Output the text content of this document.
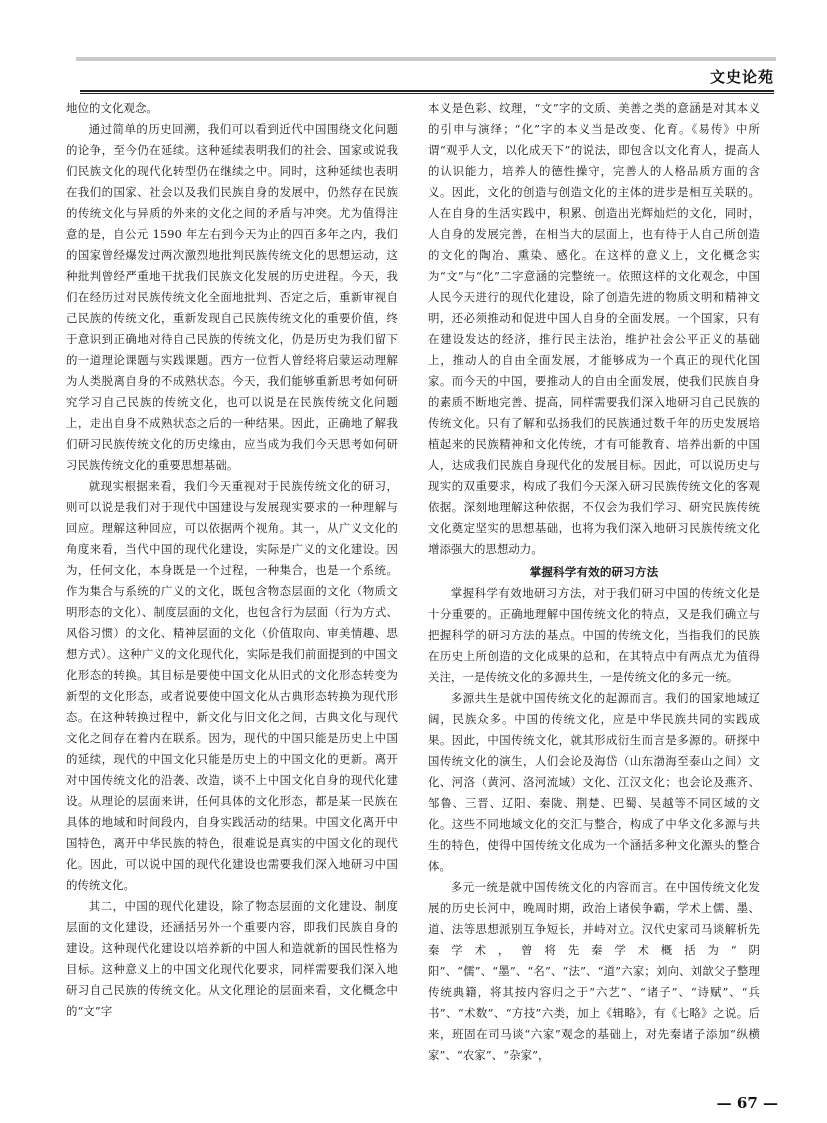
文史论苑

地位的文化观念。

通过简单的历史回溯，我们可以看到近代中国围绕文化问题的论争，至今仍在延续。这种延续表明我们的社会、国家或说我们民族文化的现代化转型仍在继续之中。同时，这种延续也表明在我们的国家、社会以及我们民族自身的发展中，仍然存在民族的传统文化与异质的外来的文化之间的矛盾与冲突。尤为值得注意的是，自公元 1590 年左右到今天为止的四百多年之内，我们的国家曾经爆发过两次激烈地批判民族传统文化的思想运动，这种批判曾经严重地干扰我们民族文化发展的历史进程。今天，我们在经历过对民族传统文化全面地批判、否定之后，重新审视自己民族的传统文化，重新发现自己民族传统文化的重要价值，终于意识到正确地对待自己民族的传统文化，仍是历史为我们留下的一道理论课题与实践课题。西方一位哲人曾经将启蒙运动理解为人类脱离自身的不成熟状态。今天，我们能够重新思考如何研究学习自己民族的传统文化，也可以说是在民族传统文化问题上，走出自身不成熟状态之后的一种结果。因此，正确地了解我们研习民族传统文化的历史缘由，应当成为我们今天思考如何研习民族传统文化的重要思想基础。

就现实根据来看，我们今天重视对于民族传统文化的研习，则可以说是我们对于现代中国建设与发展现实要求的一种理解与回应。理解这种回应，可以依据两个视角。其一，从广义文化的角度来看，当代中国的现代化建设，实际是广义的文化建设。因为，任何文化，本身既是一个过程，一种集合，也是一个系统。作为集合与系统的广义的文化，既包含物态层面的文化（物质文明形态的文化）、制度层面的文化，也包含行为层面（行为方式、风俗习惯）的文化、精神层面的文化（价值取向、审美情趣、思想方式）。这种广义的文化现代化，实际是我们前面提到的中国文化形态的转换。其目标是要使中国文化从旧式的文化形态转变为新型的文化形态，或者说要使中国文化从古典形态转换为现代形态。在这种转换过程中，新文化与旧文化之间，古典文化与现代文化之间存在着内在联系。因为，现代的中国只能是历史上中国的延续，现代的中国文化只能是历史上的中国文化的更新。离开对中国传统文化的沿袭、改造，谈不上中国文化自身的现代化建设。从理论的层面来讲，任何具体的文化形态，都是某一民族在具体的地域和时间段内，自身实践活动的结果。中国文化离开中国特色，离开中华民族的特色，很难说是真实的中国文化的现代化。因此，可以说中国的现代化建设也需要我们深入地研习中国的传统文化。

其二，中国的现代化建设，除了物态层面的文化建设、制度层面的文化建设，还涵括另外一个重要内容，即我们民族自身的建设。这种现代化建设以培养新的中国人和造就新的国民性格为目标。这种意义上的中国文化现代化要求，同样需要我们深入地研习自己民族的传统文化。从文化理论的层面来看，文化概念中的“文”字

本义是色彩、纹理，“文”字的文质、美善之类的意涵是对其本义的引申与演绎；“化”字的本义当是改变、化育。《易传》中所谓“观乎人文，以化成天下”的说法，即包含以文化育人，提高人的认识能力，培养人的德性操守，完善人的人格品质方面的含义。因此，文化的创造与创造文化的主体的进步是相互关联的。人在自身的生活实践中，积累、创造出光辉灿烂的文化，同时，人自身的发展完善，在相当大的层面上，也有待于人自己所创造的文化的陶冶、熏染、感化。在这样的意义上，文化概念实为“文”与“化”二字意涵的完整统一。依照这样的文化观念，中国人民今天进行的现代化建设，除了创造先进的物质文明和精神文明，还必须推动和促进中国人自身的全面发展。一个国家，只有在建设发达的经济，推行民主法治，维护社会公平正义的基础上，推动人的自由全面发展，才能够成为一个真正的现代化国家。而今天的中国，要推动人的自由全面发展，使我们民族自身的素质不断地完善、提高，同样需要我们深入地研习自己民族的传统文化。只有了解和弘扬我们的民族通过数千年的历史发展培植起来的民族精神和文化传统，才有可能教育、培养出新的中国人，达成我们民族自身现代化的发展目标。因此，可以说历史与现实的双重要求，构成了我们今天深入研习民族传统文化的客观依据。深刻地理解这种依据，不仅会为我们学习、研究民族传统文化奠定坚实的思想基础，也将为我们深入地研习民族传统文化增添强大的思想动力。

掌握科学有效的研习方法

掌握科学有效地研习方法，对于我们研习中国的传统文化是十分重要的。正确地理解中国传统文化的特点，又是我们确立与把握科学的研习方法的基点。中国的传统文化，当指我们的民族在历史上所创造的文化成果的总和，在其特点中有两点尤为值得关注，一是传统文化的多源共生，一是传统文化的多元一统。

多源共生是就中国传统文化的起源而言。我们的国家地域辽阔，民族众多。中国的传统文化，应是中华民族共同的实践成果。因此，中国传统文化，就其形成衍生而言是多源的。研探中国传统文化的演生，人们会论及海岱（山东渤海至泰山之间）文化、河洛（黄河、洛河流域）文化、江汉文化；也会论及燕齐、邹鲁、三晋、辽阳、秦陇、荆楚、巴蜀、吴越等不同区域的文化。这些不同地域文化的交汇与整合，构成了中华文化多源与共生的特色，使得中国传统文化成为一个涵括多种文化源头的整合体。

多元一统是就中国传统文化的内容而言。在中国传统文化发展的历史长河中，晚周时期，政治上诸侯争霸，学术上儒、墨、道、法等思想派别互争短长，并峙对立。汉代史家司马谈解析先秦学术，曾将先秦学术概括为“阴阳”、“儒”、“墨”、“名”、“法”、“道”六家；刘向、刘歆父子整理传统典籍，将其按内容归之于“六艺”、“诸子”、“诗赋”、“兵书”、“术数”、“方技”六类，加上《辑略》，有《七略》之说。后来，班固在司马谈“六家”观念的基础上，对先秦诸子添加“纵横家”、“农家”、“杂家”，

— 67 —
